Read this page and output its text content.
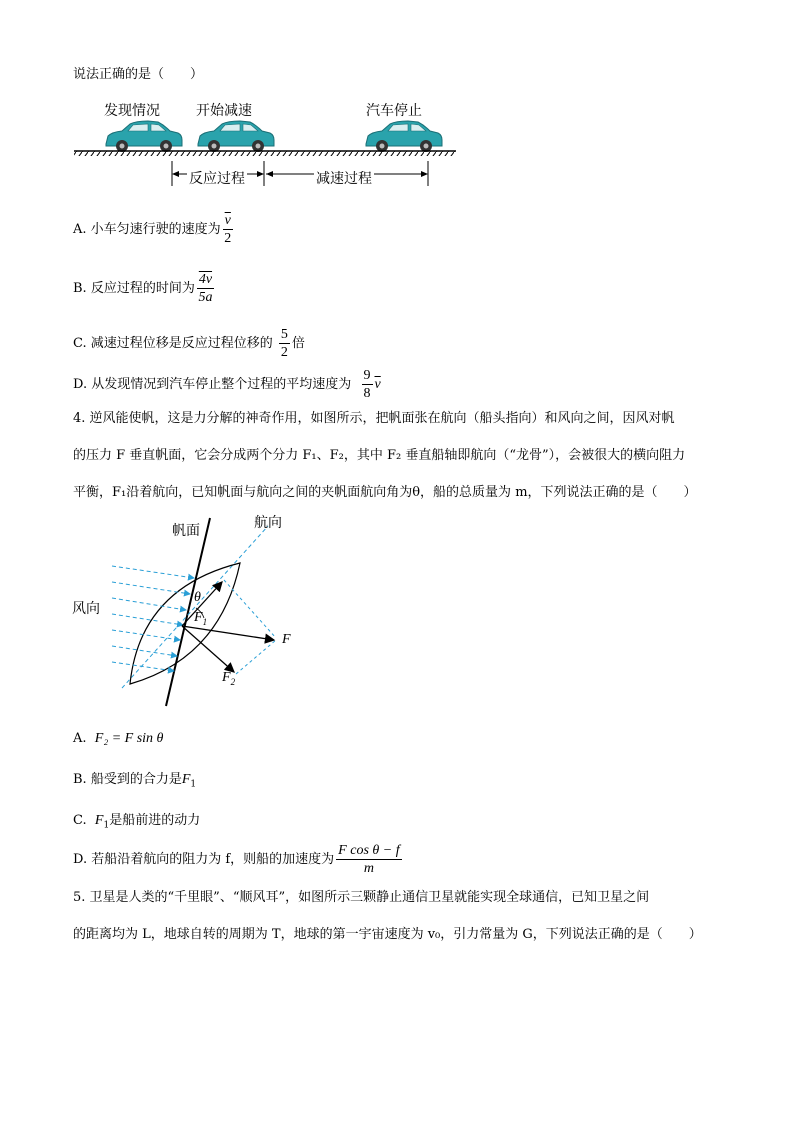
说法正确的是（　　）
发现情况	开始减速	汽车停止
反应过程	减速过程
A. 小车匀速行驶的速度为 $\frac{\overline{v}}{2}$
B. 反应过程的时间为 $\frac{4v}{5a}$
C. 减速过程位移是反应过程位移的 $\frac{5}{2}$ 倍
D. 从发现情况到汽车停止整个过程的平均速度为 $\frac{9}{8} \overline{v}$
4. 逆风能使帆，这是力分解的神奇作用，如图所示，把帆面张在航向（船头指向）和风向之间，因风对帆
的压力 F 垂直帆面，它会分成两个分力 F₁、F₂，其中 F₂ 垂直船轴即航向（“龙骨”），会被很大的横向阻力
平衡，F₁沿着航向，已知帆面与航向之间的夹帆面航向角为θ，船的总质量为 m，下列说法正确的是（　　）
帆面	航向
风向
θ
$F_1$
F
$F_2$
A. F₂ = F sin θ
B. 船受到的合力是$F_1$
C. $F_1$是船前进的动力
D. 若船沿着航向的阻力为 f，则船的加速度为 $\frac{\text{F cos θ − f}}{m}$
5. 卫星是人类的“千里眼”、“顺风耳”，如图所示三颗静止通信卫星就能实现全球通信，已知卫星之间
的距离均为 L，地球自转的周期为 T，地球的第一宇宙速度为 v₀，引力常量为 G，下列说法正确的是（　　）
